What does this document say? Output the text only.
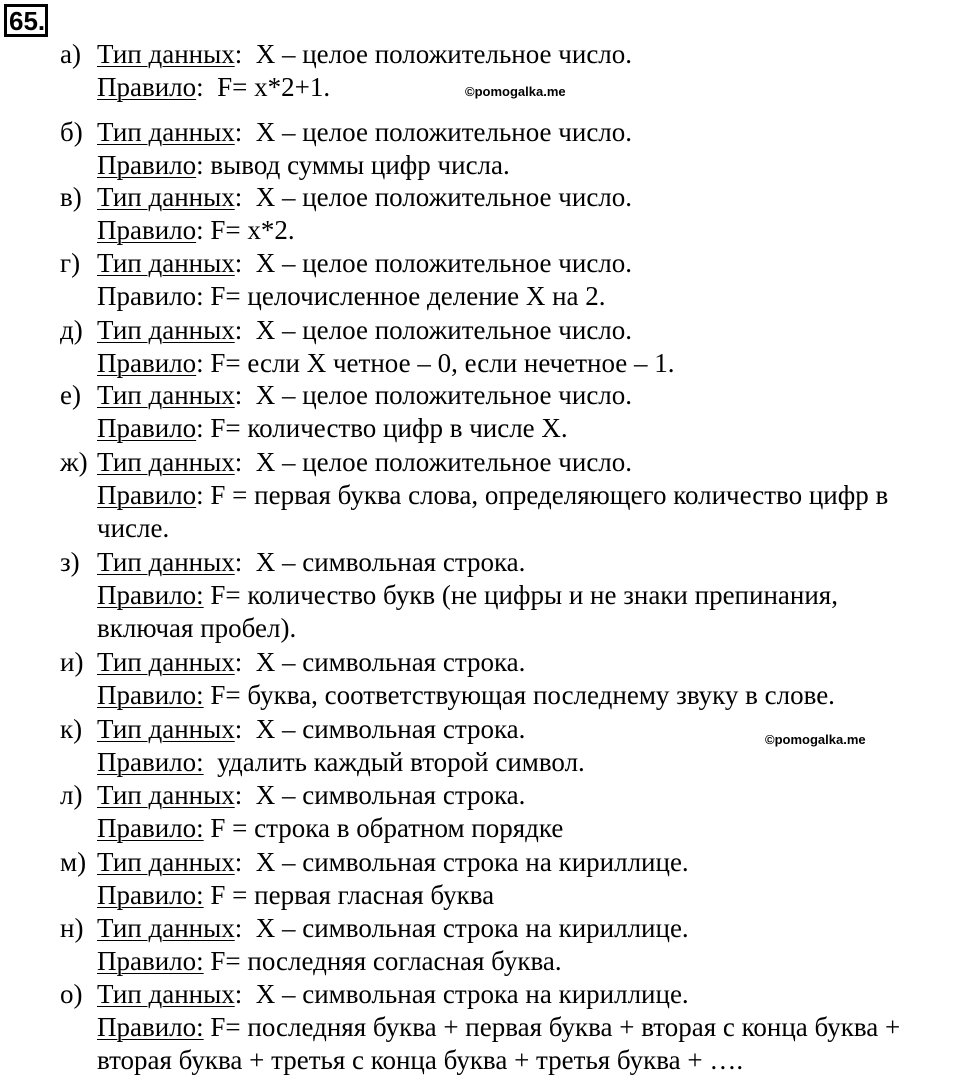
65.
©pomogalka.me
©pomogalka.me
а) Тип данных:  X – целое положительное число.
Правило:  F= x*2+1.
б) Тип данных:  X – целое положительное число.
Правило: вывод суммы цифр числа.
в) Тип данных:  X – целое положительное число.
Правило: F= x*2.
г) Тип данных:  X – целое положительное число.
Правило: F= целочисленное деление X на 2.
д) Тип данных:  X – целое положительное число.
Правило: F= если X четное – 0, если нечетное – 1.
е) Тип данных:  X – целое положительное число.
Правило: F= количество цифр в числе X.
ж) Тип данных:  X – целое положительное число.
Правило: F = первая буква слова, определяющего количество цифр в
числе.
з) Тип данных:  X – символьная строка.
Правило: F= количество букв (не цифры и не знаки препинания,
включая пробел).
и) Тип данных:  X – символьная строка.
Правило: F= буква, соответствующая последнему звуку в слове.
к) Тип данных:  X – символьная строка.
Правило:  удалить каждый второй символ.
л) Тип данных:  X – символьная строка.
Правило: F = строка в обратном порядке
м) Тип данных:  X – символьная строка на кириллице.
Правило: F = первая гласная буква
н) Тип данных:  X – символьная строка на кириллице.
Правило: F= последняя согласная буква.
о) Тип данных:  X – символьная строка на кириллице.
Правило: F= последняя буква + первая буква + вторая с конца буква +
вторая буква + третья с конца буква + третья буква + ….
